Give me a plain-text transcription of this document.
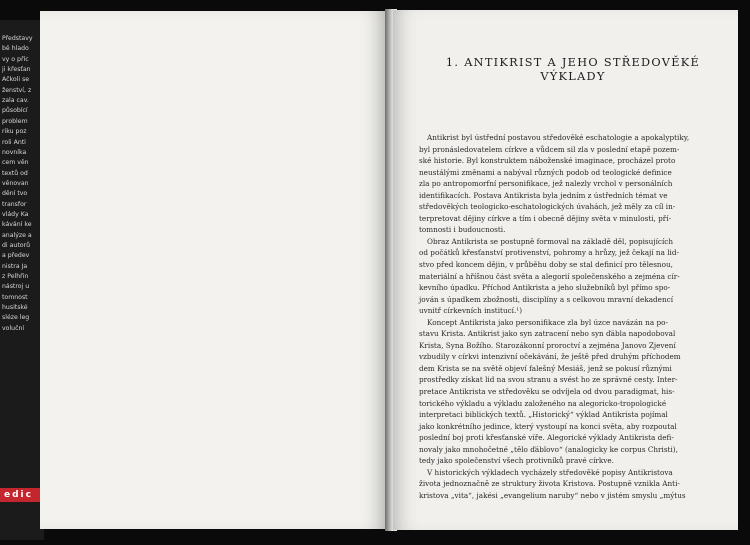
Představy
bě hlado
vy o příc
ji křesťan
Ačkoli se
ženství, z
zala cav.
působící
problem
riku poz
roli Anti
novníka
cem věn
textů od
věnovan
dění tvo
transfor
vlády Ka
kávání ke
analýze a
di autorů
a předev
nistra Ja
z Pelhřin
nástroj u
tomnost
husitské
sléze leg
voluční
edic
1. ANTIKRIST A JEHO STŘEDOVĚKÉ
VÝKLADY
Antikrist byl ústřední postavou středověké eschatologie a apokalyptiky,
byl pronásledovatelem církve a vůdcem sil zla v poslední etapě pozem-
ské historie. Byl konstruktem náboženské imaginace, procházel proto
neustálými změnami a nabýval různých podob od teologické definice
zla po antropomorfní personifikace, jež nalezly vrchol v personálních
identifikacích. Postava Antikrista byla jedním z ústředních témat ve
středověkých teologicko-eschatologických úvahách, jež měly za cíl in-
terpretovat dějiny církve a tím i obecně dějiny světa v minulosti, pří-
tomnosti i budoucnosti.
Obraz Antikrista se postupně formoval na základě děl, popisujících
od počátků křesťanství protivenství, pohromy a hrůzy, jež čekají na lid-
stvo před koncem dějin, v průběhu doby se stal definicí pro tělesnou,
materiální a hříšnou část světa a alegorií společenského a zejména cír-
kevního úpadku. Příchod Antikrista a jeho služebníků byl přímo spo-
jován s úpadkem zbožnosti, disciplíny a s celkovou mravní dekadencí
uvnitř církevních institucí.¹)
Koncept Antikrista jako personifikace zla byl úzce navázán na po-
stavu Krista. Antikrist jako syn zatracení nebo syn ďábla napodoboval
Krista, Syna Božího. Starozákonní proroctví a zejména Janovo Zjevení
vzbudily v církvi intenzivní očekávání, že ještě před druhým příchodem
dem Krista se na světě objeví falešný Mesiáš, jenž se pokusí různými
prostředky získat lid na svou stranu a svést ho ze správné cesty. Inter-
pretace Antikrista ve středověku se odvíjela od dvou paradigmat, his-
torického výkladu a výkladu založeného na alegoricko-tropologické
interpretaci biblických textů. „Historický“ výklad Antikrista pojímal
jako konkrétního jedince, který vystoupí na konci světa, aby rozpoutal
poslední boj proti křesťanské víře. Alegorické výklady Antikrista defi-
novaly jako mnohočetné „tělo ďáblovo“ (analogicky ke corpus Christi),
tedy jako společenství všech protivníků pravé církve.
V historických výkladech vycházely středověké popisy Antikristova
života jednoznačně ze struktury života Kristova. Postupně vznikla Anti-
kristova „vita“, jakési „evangelium naruby“ nebo v jistém smyslu „mýtus
